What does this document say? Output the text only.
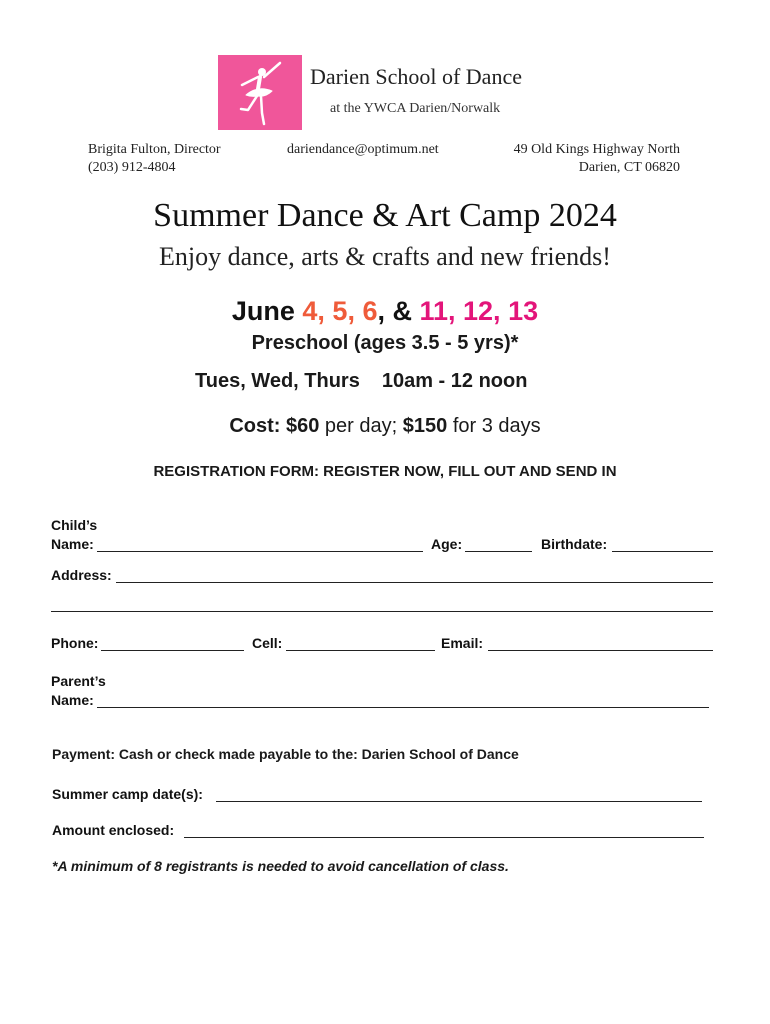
Darien School of Dance
at the YWCA Darien/Norwalk
Brigita Fulton, Director
(203) 912-4804
dariendance@optimum.net	49 Old Kings Highway North
Darien, CT 06820
Summer Dance & Art Camp 2024
Enjoy dance, arts & crafts and new friends!
June 4, 5, 6, & 11, 12, 13
Preschool (ages 3.5 - 5 yrs)*
Tues, Wed, Thurs 10am - 12 noon
Cost: $60 per day; $150 for 3 days
REGISTRATION FORM: REGISTER NOW, FILL OUT AND SEND IN
Child’s
Name:	Age:	Birthdate:
Address:
Phone:	Cell:	Email:
Parent’s
Name:
Payment: Cash or check made payable to the: Darien School of Dance
Summer camp date(s):
Amount enclosed:
*A minimum of 8 registrants is needed to avoid cancellation of class.
